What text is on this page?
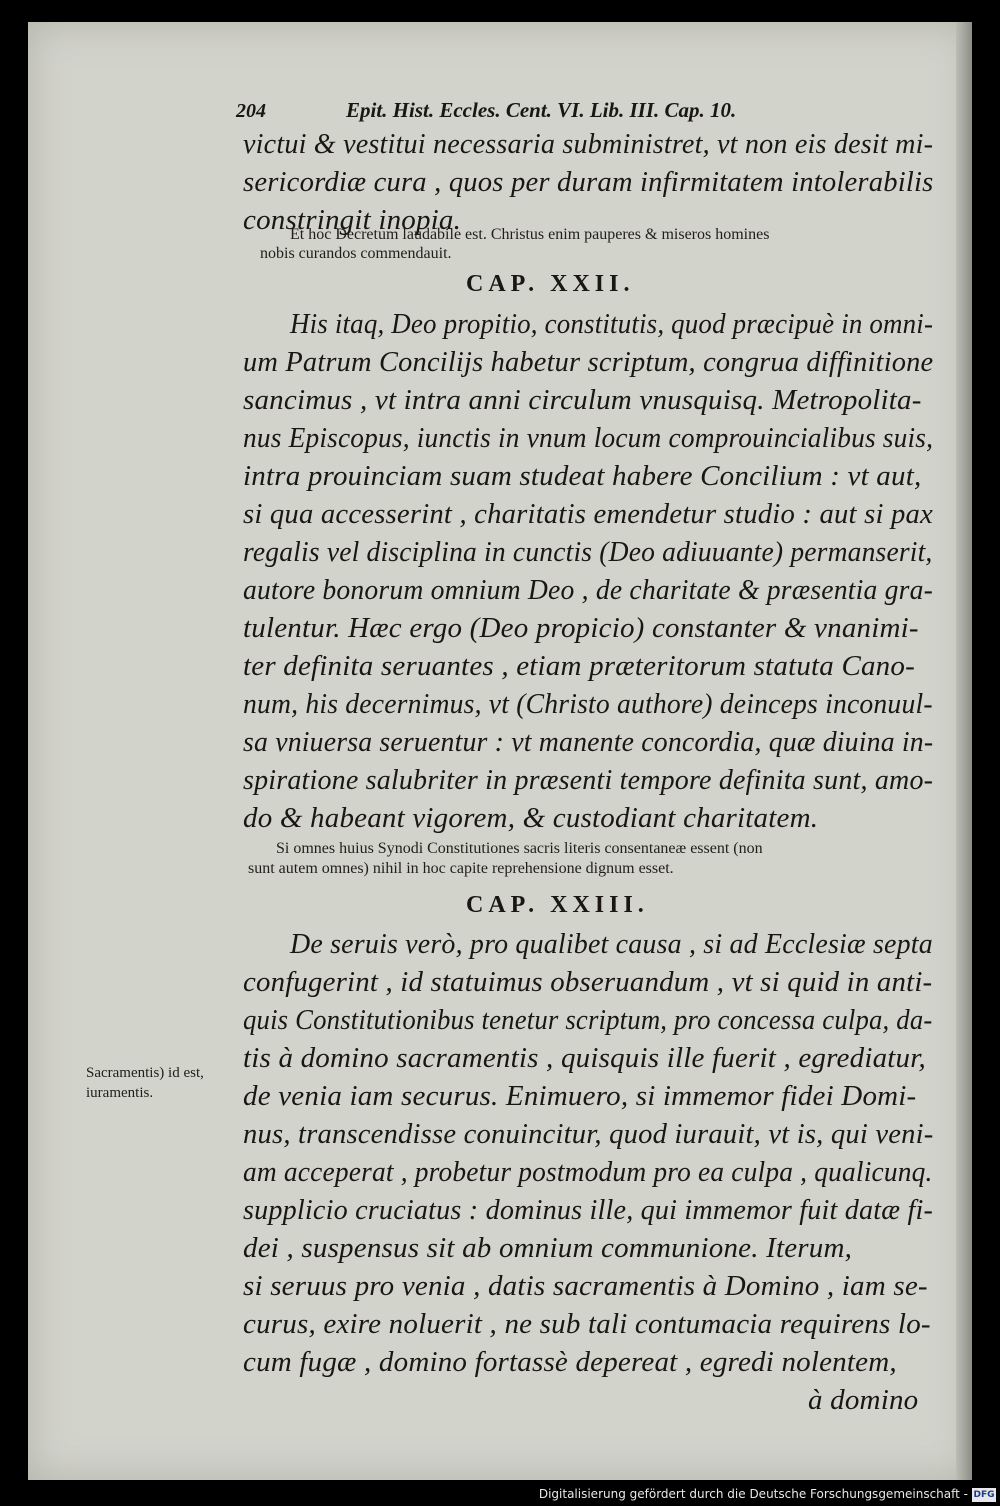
204	Epit. Hist. Eccles. Cent. VI. Lib. III. Cap. 10.
victui & vestitui necessaria subministret, vt non eis desit mi-
sericordiæ cura , quos per duram infirmitatem intolerabilis
constringit inopia.
Et hoc Decretum laudabile est. Christus enim pauperes & miseros homines
nobis curandos commendauit.
CAP. XXII.
His itaq, Deo propitio, constitutis, quod præcipuè in omni-
um Patrum Concilijs habetur scriptum, congrua diffinitione
sancimus , vt intra anni circulum vnusquisq. Metropolita-
nus Episcopus, iunctis in vnum locum comprouincialibus suis,
intra prouinciam suam studeat habere Concilium : vt aut,
si qua accesserint , charitatis emendetur studio : aut si pax
regalis vel disciplina in cunctis (Deo adiuuante) permanserit,
autore bonorum omnium Deo , de charitate & præsentia gra-
tulentur. Hæc ergo (Deo propicio) constanter & vnanimi-
ter definita seruantes , etiam præteritorum statuta Cano-
num, his decernimus, vt (Christo authore) deinceps inconuul-
sa vniuersa seruentur : vt manente concordia, quæ diuina in-
spiratione salubriter in præsenti tempore definita sunt, amo-
do & habeant vigorem, & custodiant charitatem.
Si omnes huius Synodi Constitutiones sacris literis consentaneæ essent (non
sunt autem omnes) nihil in hoc capite reprehensione dignum esset.
CAP. XXIII.
De seruis verò, pro qualibet causa , si ad Ecclesiæ septa
confugerint , id statuimus obseruandum , vt si quid in anti-
quis Constitutionibus tenetur scriptum, pro concessa culpa, da-
tis à domino sacramentis , quisquis ille fuerit , egrediatur,
de venia iam securus. Enimuero, si immemor fidei Domi-
nus, transcendisse conuincitur, quod iurauit, vt is, qui veni-
am acceperat , probetur postmodum pro ea culpa , qualicunq.
supplicio cruciatus : dominus ille, qui immemor fuit datæ fi-
dei , suspensus sit ab omnium communione. Iterum,
si seruus pro venia , datis sacramentis à Domino , iam se-
curus, exire noluerit , ne sub tali contumacia requirens lo-
cum fugæ , domino fortassè depereat , egredi nolentem,
à domino
Sacramentis) id est,
iuramentis.
Digitalisierung gefördert durch die Deutsche Forschungsgemeinschaft - DFG
